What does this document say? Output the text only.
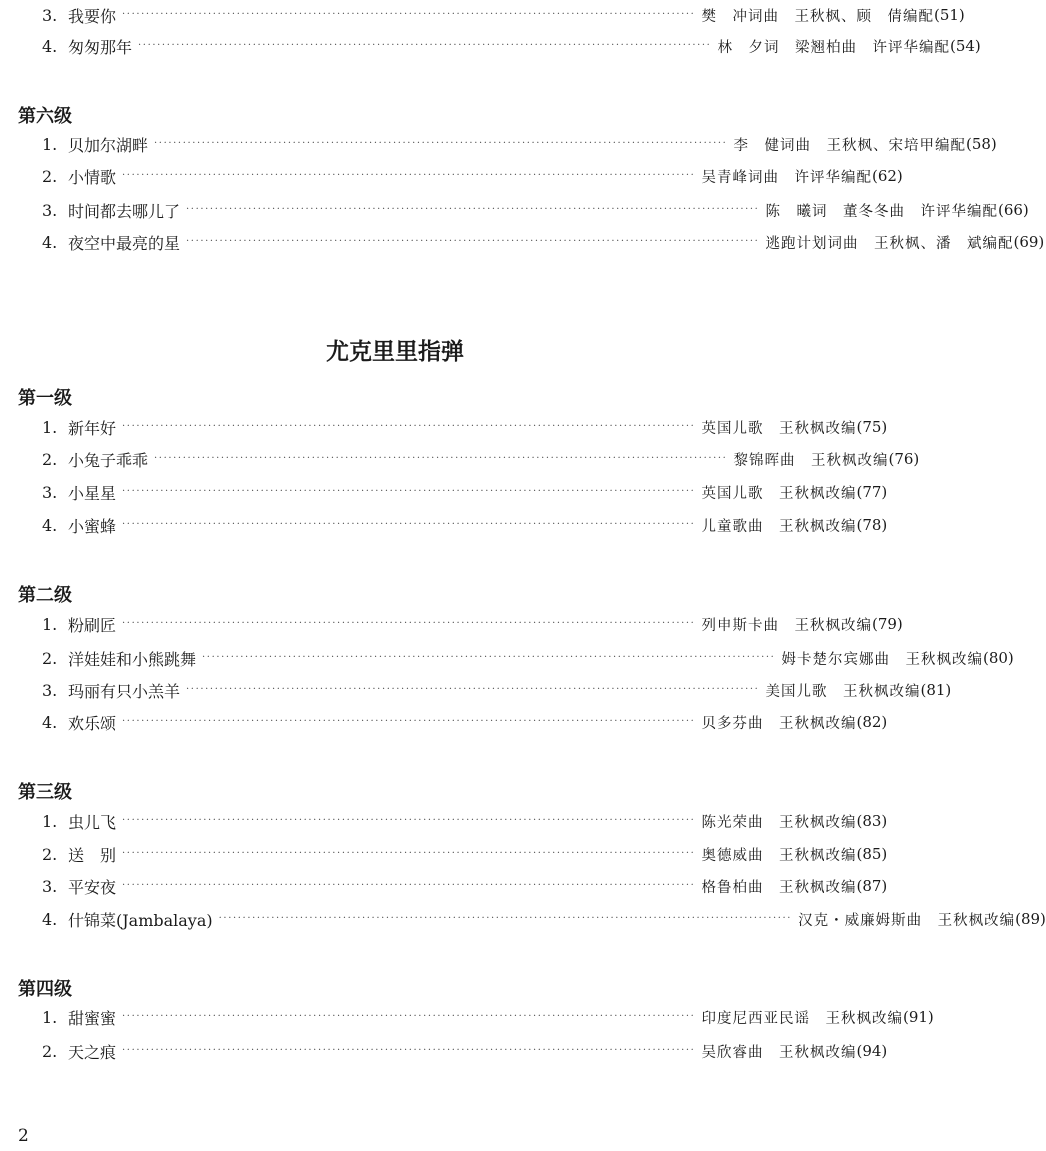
3. 我要你 ························································································································ 樊　冲词曲　王秋枫、顾　倩编配 (51)
4. 匆匆那年 ························································································································ 林　夕词　梁翘柏曲　许评华编配 (54)
第六级
1. 贝加尔湖畔 ························································································································ 李　健词曲　王秋枫、宋培甲编配 (58)
2. 小情歌 ························································································································ 吴青峰词曲　许评华编配 (62)
3. 时间都去哪儿了 ························································································································ 陈　曦词　董冬冬曲　许评华编配 (66)
4. 夜空中最亮的星 ························································································································ 逃跑计划词曲　王秋枫、潘　斌编配 (69)
尤克里里指弹
第一级
1. 新年好 ························································································································ 英国儿歌　王秋枫改编 (75)
2. 小兔子乖乖 ························································································································ 黎锦晖曲　王秋枫改编 (76)
3. 小星星 ························································································································ 英国儿歌　王秋枫改编 (77)
4. 小蜜蜂 ························································································································ 儿童歌曲　王秋枫改编 (78)
第二级
1. 粉刷匠 ························································································································ 列申斯卡曲　王秋枫改编 (79)
2. 洋娃娃和小熊跳舞 ························································································································ 姆卡楚尔宾娜曲　王秋枫改编 (80)
3. 玛丽有只小羔羊 ························································································································ 美国儿歌　王秋枫改编 (81)
4. 欢乐颂 ························································································································ 贝多芬曲　王秋枫改编 (82)
第三级
1. 虫儿飞 ························································································································ 陈光荣曲　王秋枫改编 (83)
2. 送　别 ························································································································ 奥德威曲　王秋枫改编 (85)
3. 平安夜 ························································································································ 格鲁柏曲　王秋枫改编 (87)
4. 什锦菜(Jambalaya) ························································································································ 汉克・威廉姆斯曲　王秋枫改编 (89)
第四级
1. 甜蜜蜜 ························································································································ 印度尼西亚民谣　王秋枫改编 (91)
2. 天之痕 ························································································································ 吴欣睿曲　王秋枫改编 (94)
2
